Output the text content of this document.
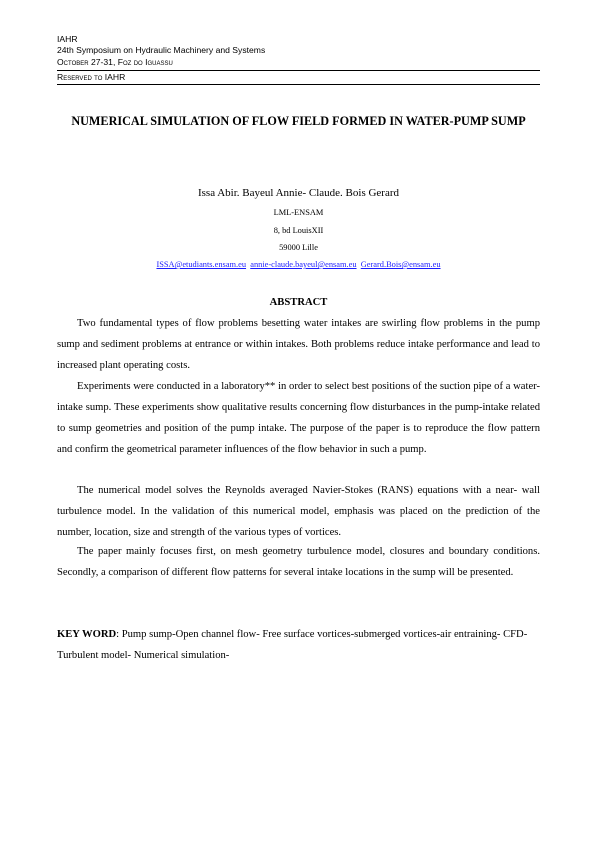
IAHR
24th Symposium on Hydraulic Machinery and Systems
October 27-31, Foz do Iguassu
Reserved to IAHR
NUMERICAL SIMULATION OF FLOW FIELD FORMED IN WATER-PUMP SUMP
Issa Abir. Bayeul Annie- Claude. Bois Gerard
LML-ENSAM
8, bd LouisXII
59000 Lille
ISSA@etudiants.ensam.eu annie-claude.bayeul@ensam.eu Gerard.Bois@ensam.eu
ABSTRACT

Two fundamental types of flow problems besetting water intakes are swirling flow problems in the pump sump and sediment problems at entrance or within intakes. Both problems reduce intake performance and lead to increased plant operating costs.

Experiments were conducted in a laboratory** in order to select best positions of the suction pipe of a water-intake sump. These experiments show qualitative results concerning flow disturbances in the pump-intake related to sump geometries and position of the pump intake. The purpose of the paper is to reproduce the flow pattern and confirm the geometrical parameter influences of the flow behavior in such a pump.

The numerical model solves the Reynolds averaged Navier-Stokes (RANS) equations with a near- wall turbulence model. In the validation of this numerical model, emphasis was placed on the prediction of the number, location, size and strength of the various types of vortices.

The paper mainly focuses first, on mesh geometry turbulence model, closures and boundary conditions. Secondly, a comparison of different flow patterns for several intake locations in the sump will be presented.

KEY WORD: Pump sump-Open channel flow- Free surface vortices-submerged vortices-air entraining- CFD-Turbulent model- Numerical simulation-
